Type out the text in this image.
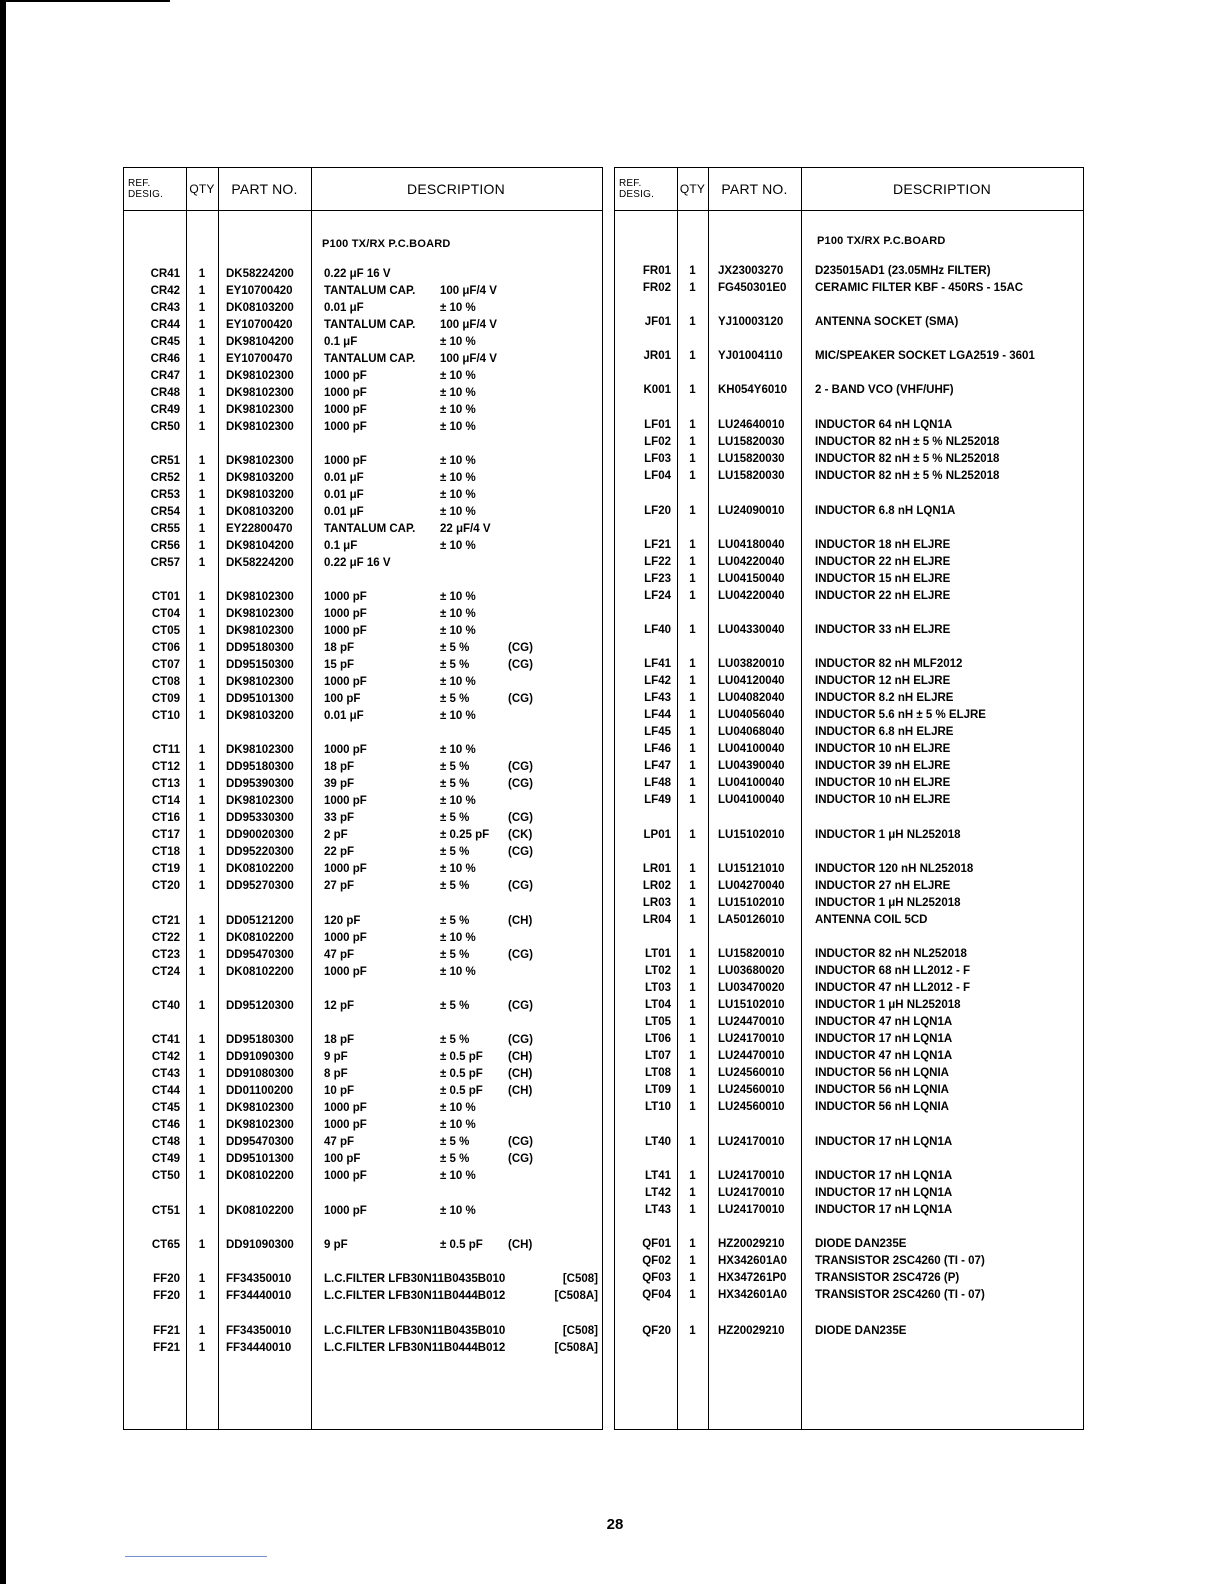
REF.
DESIG. QTY	PART NO.	DESCRIPTION
P100 TX/RX P.C.BOARD
CR41	1	DK58224200	0.22 μF 16 V
CR42	1	EY10700420	TANTALUM CAP. 100 μF/4 V
CR43	1	DK08103200	0.01 μF	± 10 %
CR44	1	EY10700420	TANTALUM CAP. 100 μF/4 V
CR45	1	DK98104200	0.1 μF	± 10 %
CR46	1	EY10700470	TANTALUM CAP. 100 μF/4 V
CR47	1	DK98102300	1000 pF	± 10 %
CR48	1	DK98102300	1000 pF	± 10 %
CR49	1	DK98102300	1000 pF	± 10 %
CR50	1	DK98102300	1000 pF	± 10 %
CR51	1	DK98102300	1000 pF	± 10 %
CR52	1	DK98103200	0.01 μF	± 10 %
CR53	1	DK98103200	0.01 μF	± 10 %
CR54	1	DK08103200	0.01 μF	± 10 %
CR55	1	EY22800470	TANTALUM CAP. 22 μF/4 V
CR56	1	DK98104200	0.1 μF	± 10 %
CR57	1	DK58224200	0.22 μF 16 V
CT01	1	DK98102300	1000 pF	± 10 %
CT04	1	DK98102300	1000 pF	± 10 %
CT05	1	DK98102300	1000 pF	± 10 %
CT06	1	DD95180300	18 pF	± 5 %	(CG)
CT07	1	DD95150300	15 pF	± 5 %	(CG)
CT08	1	DK98102300	1000 pF	± 10 %
CT09	1	DD95101300	100 pF	± 5 %	(CG)
CT10	1	DK98103200	0.01 μF	± 10 %
CT11	1	DK98102300	1000 pF	± 10 %
CT12	1	DD95180300	18 pF	± 5 %	(CG)
CT13	1	DD95390300	39 pF	± 5 %	(CG)
CT14	1	DK98102300	1000 pF	± 10 %
CT16	1	DD95330300	33 pF	± 5 %	(CG)
CT17	1	DD90020300	2 pF	± 0.25 pF (CK)
CT18	1	DD95220300	22 pF	± 5 %	(CG)
CT19	1	DK08102200	1000 pF	± 10 %
CT20	1	DD95270300	27 pF	± 5 %	(CG)
CT21	1	DD05121200	120 pF	± 5 %	(CH)
CT22	1	DK08102200	1000 pF	± 10 %
CT23	1	DD95470300	47 pF	± 5 %	(CG)
CT24	1	DK08102200	1000 pF	± 10 %
CT40	1	DD95120300	12 pF	± 5 %	(CG)
CT41	1	DD95180300	18 pF	± 5 %	(CG)
CT42	1	DD91090300	9 pF	± 0.5 pF (CH)
CT43	1	DD91080300	8 pF	± 0.5 pF (CH)
CT44	1	DD01100200	10 pF	± 0.5 pF (CH)
CT45	1	DK98102300	1000 pF	± 10 %
CT46	1	DK98102300	1000 pF	± 10 %
CT48	1	DD95470300	47 pF	± 5 %	(CG)
CT49	1	DD95101300	100 pF	± 5 %	(CG)
CT50	1	DK08102200	1000 pF	± 10 %
CT51	1	DK08102200	1000 pF	± 10 %
CT65	1	DD91090300	9 pF	± 0.5 pF (CH)
FF20	1	FF34350010	L.C.FILTER LFB30N11B0435B010	[C508]
FF20	1	FF34440010	L.C.FILTER LFB30N11B0444B012	[C508A]
FF21	1	FF34350010	L.C.FILTER LFB30N11B0435B010	[C508]
FF21	1	FF34440010	L.C.FILTER LFB30N11B0444B012	[C508A]
REF.
DESIG. QTY	PART NO.	DESCRIPTION
P100 TX/RX P.C.BOARD
FR01	1	JX23003270	D235015AD1 (23.05MHz FILTER)
FR02	1	FG450301E0 CERAMIC FILTER KBF - 450RS - 15AC
JF01	1	YJ10003120	ANTENNA SOCKET (SMA)
JR01	1	YJ01004110	MIC/SPEAKER SOCKET LGA2519 - 3601
K001	1	KH054Y6010 2 - BAND VCO (VHF/UHF)
LF01	1	LU24640010	INDUCTOR 64 nH LQN1A
LF02	1	LU15820030	INDUCTOR 82 nH ± 5 % NL252018
LF03	1	LU15820030	INDUCTOR 82 nH ± 5 % NL252018
LF04	1	LU15820030	INDUCTOR 82 nH ± 5 % NL252018
LF20	1	LU24090010	INDUCTOR 6.8 nH LQN1A
LF21	1	LU04180040	INDUCTOR 18 nH ELJRE
LF22	1	LU04220040	INDUCTOR 22 nH ELJRE
LF23	1	LU04150040	INDUCTOR 15 nH ELJRE
LF24	1	LU04220040	INDUCTOR 22 nH ELJRE
LF40	1	LU04330040	INDUCTOR 33 nH ELJRE
LF41	1	LU03820010	INDUCTOR 82 nH MLF2012
LF42	1	LU04120040	INDUCTOR 12 nH ELJRE
LF43	1	LU04082040	INDUCTOR 8.2 nH ELJRE
LF44	1	LU04056040	INDUCTOR 5.6 nH ± 5 % ELJRE
LF45	1	LU04068040	INDUCTOR 6.8 nH ELJRE
LF46	1	LU04100040	INDUCTOR 10 nH ELJRE
LF47	1	LU04390040	INDUCTOR 39 nH ELJRE
LF48	1	LU04100040	INDUCTOR 10 nH ELJRE
LF49	1	LU04100040	INDUCTOR 10 nH ELJRE
LP01	1	LU15102010	INDUCTOR 1 μH NL252018
LR01	1	LU15121010	INDUCTOR 120 nH NL252018
LR02	1	LU04270040	INDUCTOR 27 nH ELJRE
LR03	1	LU15102010	INDUCTOR 1 μH NL252018
LR04	1	LA50126010	ANTENNA COIL 5CD
LT01	1	LU15820010	INDUCTOR 82 nH NL252018
LT02	1	LU03680020	INDUCTOR 68 nH LL2012 - F
LT03	1	LU03470020	INDUCTOR 47 nH LL2012 - F
LT04	1	LU15102010	INDUCTOR 1 μH NL252018
LT05	1	LU24470010	INDUCTOR 47 nH LQN1A
LT06	1	LU24170010	INDUCTOR 17 nH LQN1A
LT07	1	LU24470010	INDUCTOR 47 nH LQN1A
LT08	1	LU24560010	INDUCTOR 56 nH LQNIA
LT09	1	LU24560010	INDUCTOR 56 nH LQNIA
LT10	1	LU24560010	INDUCTOR 56 nH LQNIA
LT40	1	LU24170010	INDUCTOR 17 nH LQN1A
LT41	1	LU24170010	INDUCTOR 17 nH LQN1A
LT42	1	LU24170010	INDUCTOR 17 nH LQN1A
LT43	1	LU24170010	INDUCTOR 17 nH LQN1A
QF01	1	HZ20029210	DIODE DAN235E
QF02	1	HX342601A0 TRANSISTOR 2SC4260 (TI - 07)
QF03	1	HX347261P0 TRANSISTOR 2SC4726 (P)
QF04	1	HX342601A0 TRANSISTOR 2SC4260 (TI - 07)
QF20	1	HZ20029210	DIODE DAN235E
28
